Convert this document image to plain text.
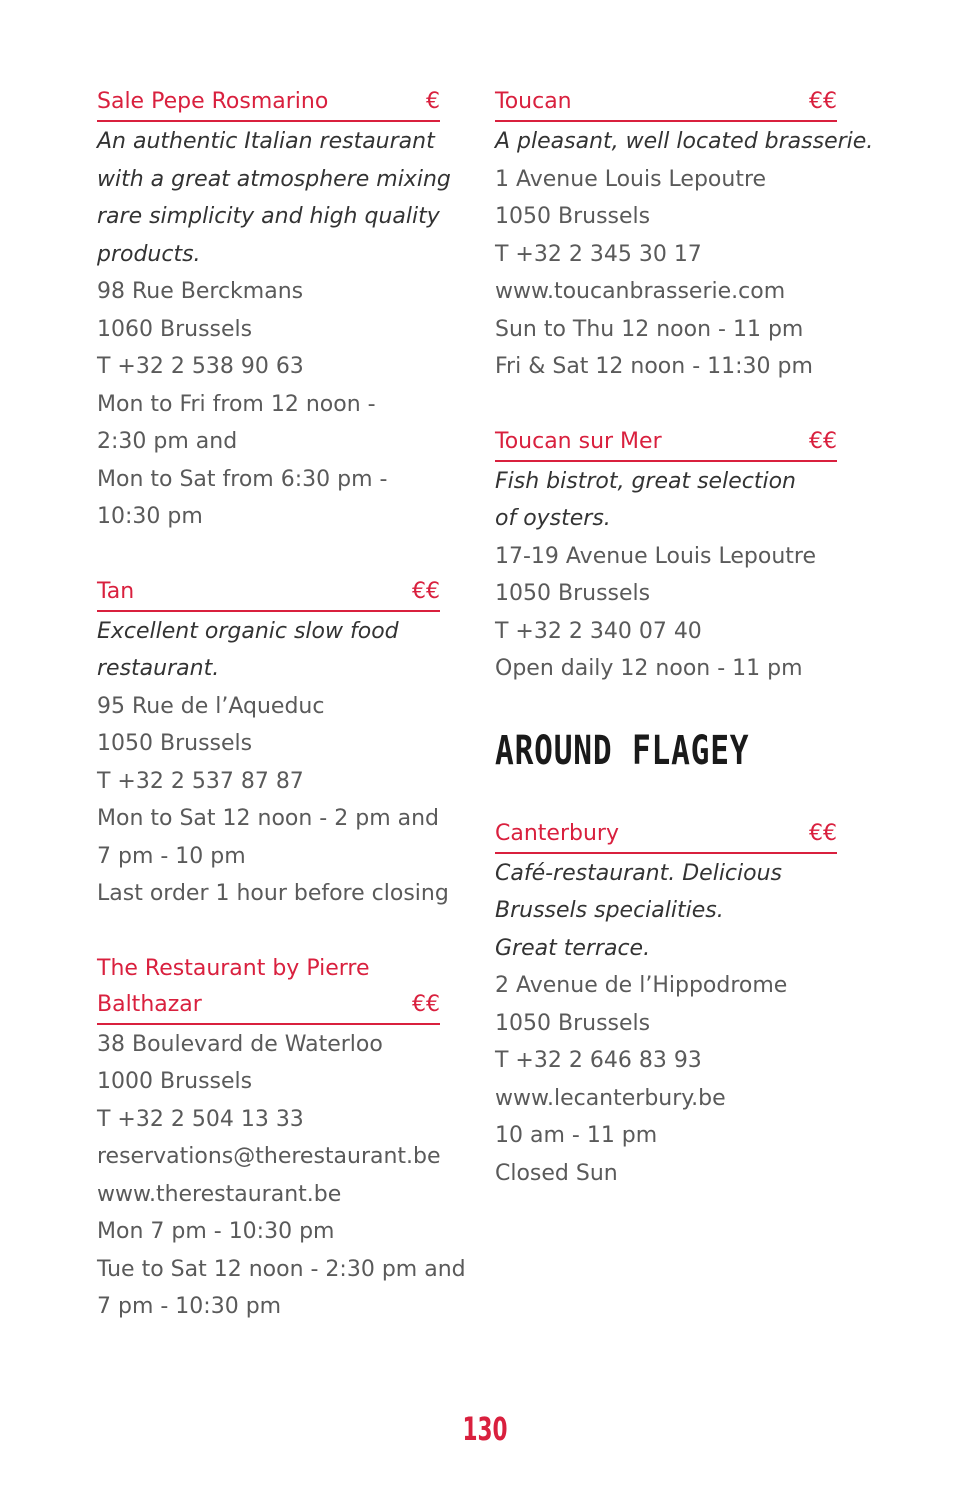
Sale Pepe Rosmarino	€
An authentic Italian restaurant
with a great atmosphere mixing
rare simplicity and high quality
products.
98 Rue Berckmans
1060 Brussels
T +32 2 538 90 63
Mon to Fri from 12 noon -
2:30 pm and
Mon to Sat from 6:30 pm -
10:30 pm
Tan	€€
Excellent organic slow food
restaurant.
95 Rue de l’Aqueduc
1050 Brussels
T +32 2 537 87 87
Mon to Sat 12 noon - 2 pm and
7 pm - 10 pm
Last order 1 hour before closing
The Restaurant by Pierre
Balthazar	€€
38 Boulevard de Waterloo
1000 Brussels
T +32 2 504 13 33
reservations@therestaurant.be
www.therestaurant.be
Mon 7 pm - 10:30 pm
Tue to Sat 12 noon - 2:30 pm and
7 pm - 10:30 pm
Toucan	€€
A pleasant, well located brasserie.
1 Avenue Louis Lepoutre
1050 Brussels
T +32 2 345 30 17
www.toucanbrasserie.com
Sun to Thu 12 noon - 11 pm
Fri & Sat 12 noon - 11:30 pm
Toucan sur Mer	€€
Fish bistrot, great selection
of oysters.
17-19 Avenue Louis Lepoutre
1050 Brussels
T +32 2 340 07 40
Open daily 12 noon - 11 pm
AROUND FLAGEY
Canterbury	€€
Café-restaurant. Delicious
Brussels specialities.
Great terrace.
2 Avenue de l’Hippodrome
1050 Brussels
T +32 2 646 83 93
www.lecanterbury.be
10 am - 11 pm
Closed Sun
130
